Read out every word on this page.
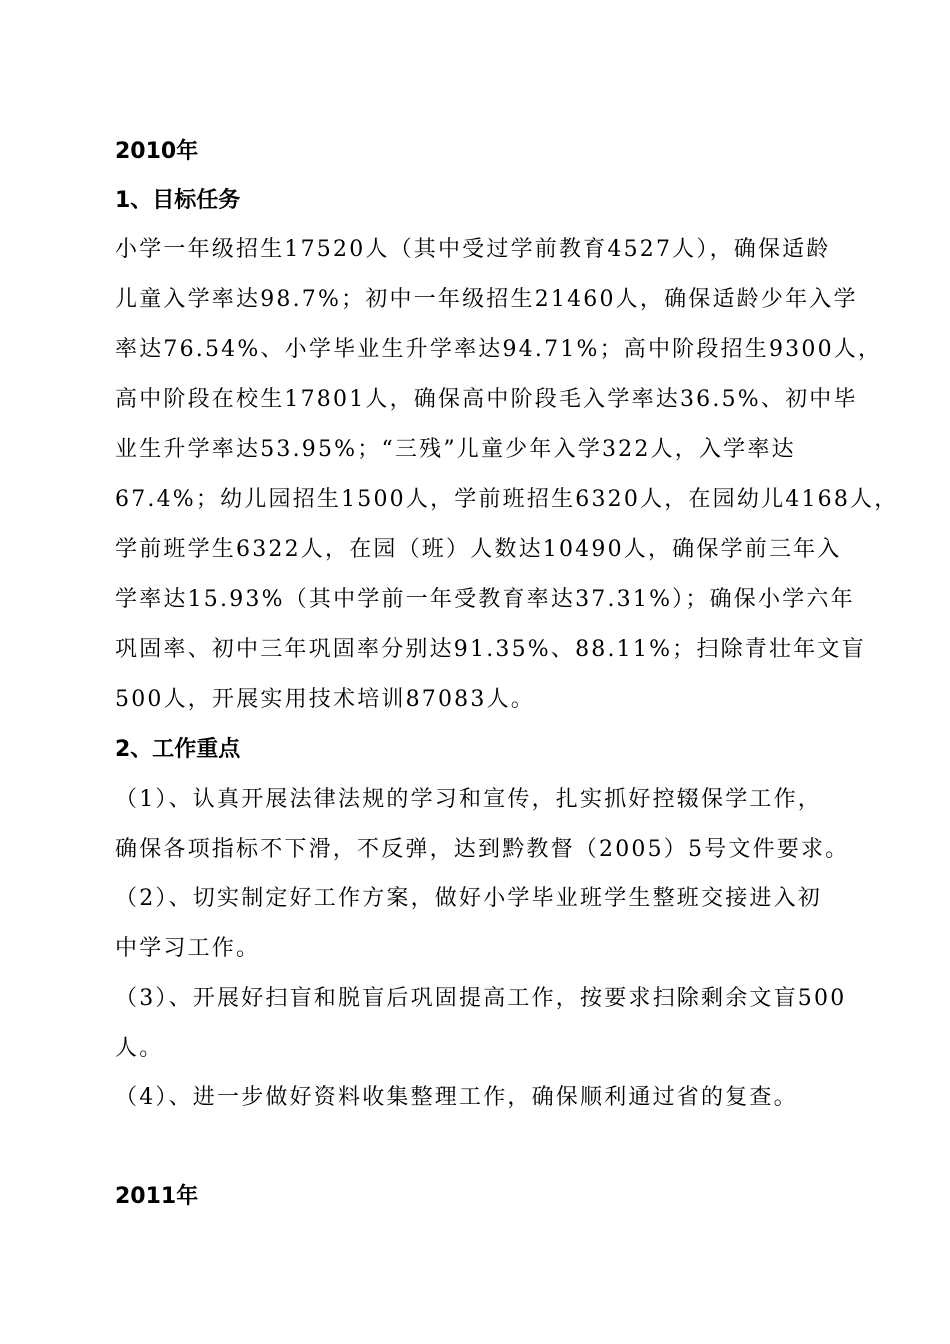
2010年
1、目标任务
小学一年级招生17520人（其中受过学前教育4527人），确保适龄
儿童入学率达98.7%；初中一年级招生21460人，确保适龄少年入学
率达76.54%、小学毕业生升学率达94.71%；高中阶段招生9300人，
高中阶段在校生17801人，确保高中阶段毛入学率达36.5%、初中毕
业生升学率达53.95%；“三残”儿童少年入学322人，入学率达
67.4%；幼儿园招生1500人，学前班招生6320人，在园幼儿4168人，
学前班学生6322人，在园（班）人数达10490人，确保学前三年入
学率达15.93%（其中学前一年受教育率达37.31%）；确保小学六年
巩固率、初中三年巩固率分别达91.35%、88.11%；扫除青壮年文盲
500人，开展实用技术培训87083人。
2、工作重点
（1）、认真开展法律法规的学习和宣传，扎实抓好控辍保学工作，
确保各项指标不下滑，不反弹，达到黔教督（2005）5号文件要求。
（2）、切实制定好工作方案，做好小学毕业班学生整班交接进入初
中学习工作。
（3）、开展好扫盲和脱盲后巩固提高工作，按要求扫除剩余文盲500
人。
（4）、进一步做好资料收集整理工作，确保顺利通过省的复查。
2011年
